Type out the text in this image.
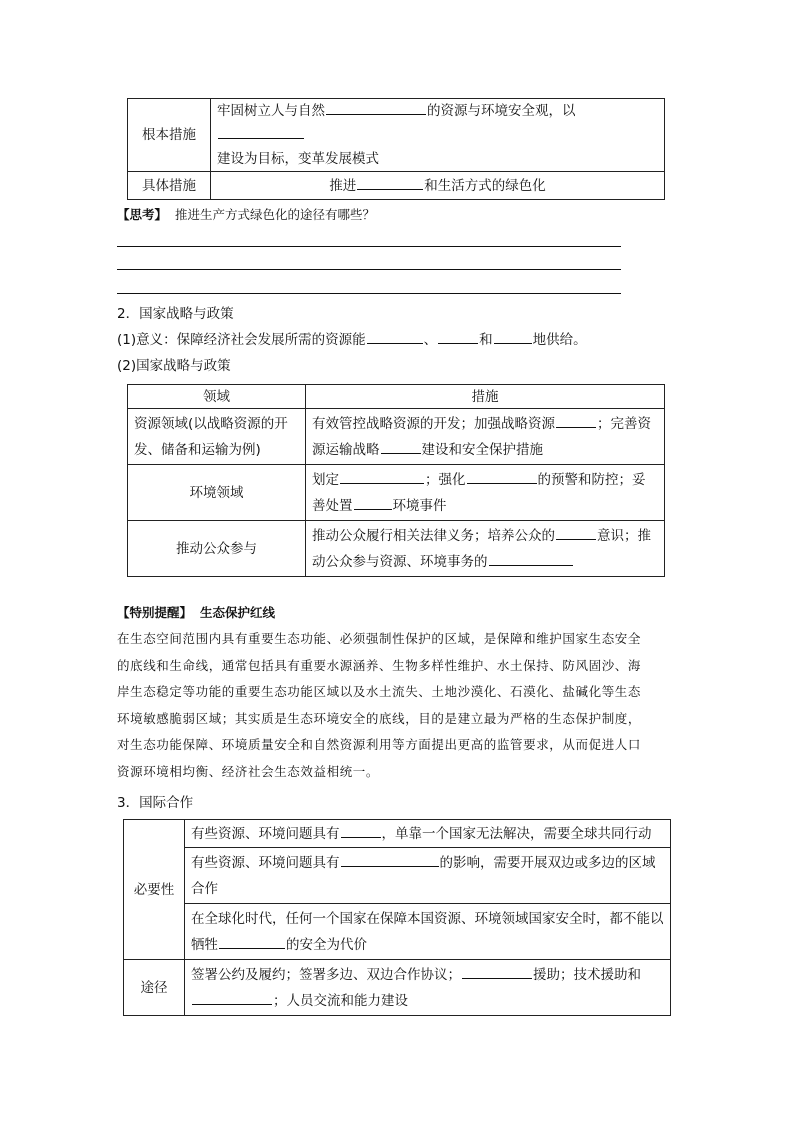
根本措施	牢固树立人与自然 的资源与环境安全观，以
建设为目标，变革发展模式
具体措施	推进 和生活方式的绿色化
【思考】 推进生产方式绿色化的途径有哪些？
2．国家战略与政策
(1)意义：保障经济社会发展所需的资源能	、	和	地供给。
(2)国家战略与政策
领域	措施
资源领域(以战略资源的开发、储备和运输为例)	有效管控战略资源的开发；加强战略资源 ；完善资源运输战略 建设和安全保护措施
环境领域	划定 ；强化 的预警和防控；妥善处置 环境事件
推动公众参与	推动公众履行相关法律义务；培养公众的 意识；推动公众参与资源、环境事务的
【特别提醒】 生态保护红线
在生态空间范围内具有重要生态功能、必须强制性保护的区域，是保障和维护国家生态安全
的底线和生命线，通常包括具有重要水源涵养、生物多样性维护、水土保持、防风固沙、海
岸生态稳定等功能的重要生态功能区域以及水土流失、土地沙漠化、石漠化、盐碱化等生态
环境敏感脆弱区域；其实质是生态环境安全的底线，目的是建立最为严格的生态保护制度，
对生态功能保障、环境质量安全和自然资源利用等方面提出更高的监管要求，从而促进人口
资源环境相均衡、经济社会生态效益相统一。
3．国际合作
必要性	有些资源、环境问题具有 ，单靠一个国家无法解决，需要全球共同行动
	有些资源、环境问题具有 的影响，需要开展双边或多边的区域合作
	在全球化时代，任何一个国家在保障本国资源、环境领域国家安全时，都不能以牺牲 的安全为代价
途径	签署公约及履约；签署多边、双边合作协议； 援助；技术援助和
；人员交流和能力建设
